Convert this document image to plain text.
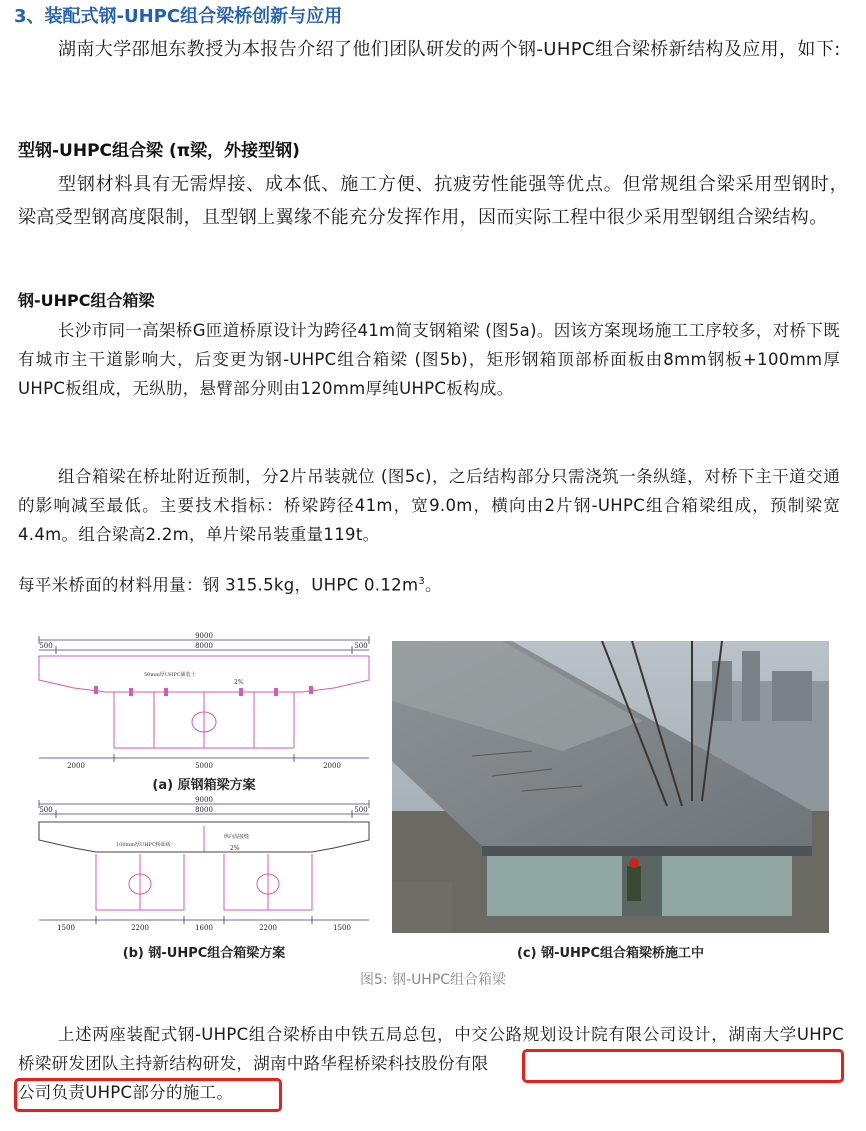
3、装配式钢-UHPC组合梁桥创新与应用
湖南大学邵旭东教授为本报告介绍了他们团队研发的两个钢-UHPC组合梁桥新结构及应用，如下:
型钢-UHPC组合梁 (π梁，外接型钢)
型钢材料具有无需焊接、成本低、施工方便、抗疲劳性能强等优点。但常规组合梁采用型钢时，梁高受型钢高度限制，且型钢上翼缘不能充分发挥作用，因而实际工程中很少采用型钢组合梁结构。
钢-UHPC组合箱梁
长沙市同一高架桥G匝道桥原设计为跨径41m简支钢箱梁 (图5a)。因该方案现场施工工序较多，对桥下既有城市主干道影响大，后变更为钢-UHPC组合箱梁 (图5b)，矩形钢箱顶部桥面板由8mm钢板+100mm厚UHPC板组成，无纵肋，悬臂部分则由120mm厚纯UHPC板构成。
组合箱梁在桥址附近预制，分2片吊装就位 (图5c)，之后结构部分只需浇筑一条纵缝，对桥下主干道交通的影响减至最低。主要技术指标：桥梁跨径41m，宽9.0m，横向由2片钢-UHPC组合箱梁组成，预制梁宽4.4m。组合梁高2.2m，单片梁吊装重量119t。
每平米桥面的材料用量：钢 315.5kg，UHPC $0.12m^3$。
9000
8000
500	500
50mm厚UHPC铺装土
2%
2000	5000	2000
(a) 原钢箱梁方案
9000
8000
500	500
100mm厚UHPC桥面板
纵向湿接缝
2%
1500	2200	1600	2200	1500
(b) 钢-UHPC组合箱梁方案	(c) 钢-UHPC组合箱梁桥施工中
图5: 钢-UHPC组合箱梁
上述两座装配式钢-UHPC组合梁桥由中铁五局总包，中交公路规划设计院有限公司设计，湖南大学UHPC桥梁研发团队主持新结构研发，湖南中路华程桥梁科技股份有限
公司负责UHPC部分的施工。
